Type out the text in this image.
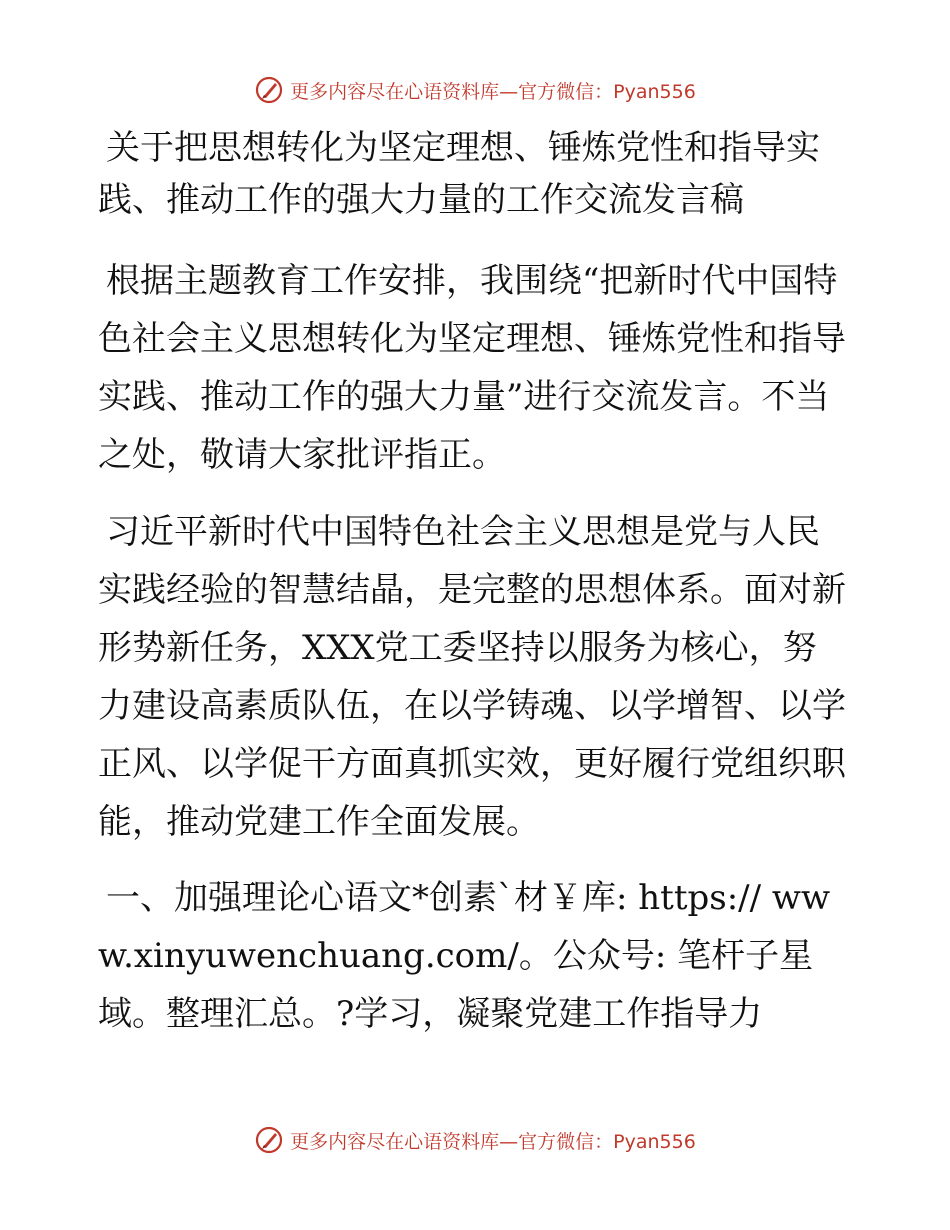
更多内容尽在心语资料库—官方微信：Pyan556
关于把思想转化为坚定理想、锤炼党性和指导实践、推动工作的强大力量的工作交流发言稿

根据主题教育工作安排，我围绕“把新时代中国特色社会主义思想转化为坚定理想、锤炼党性和指导实践、推动工作的强大力量”进行交流发言。不当之处，敬请大家批评指正。

习近平新时代中国特色社会主义思想是党与人民实践经验的智慧结晶，是完整的思想体系。面对新形势新任务，XXX党工委坚持以服务为核心，努力建设高素质队伍，在以学铸魂、以学增智、以学正风、以学促干方面真抓实效，更好履行党组织职能，推动党建工作全面发展。

一、加强理论心语文*创素`材￥库: https:// www.xinyuwenchuang.com/。公众号: 笔杆子星域。整理汇总。?学习，凝聚党建工作指导力

更多内容尽在心语资料库—官方微信：Pyan556
